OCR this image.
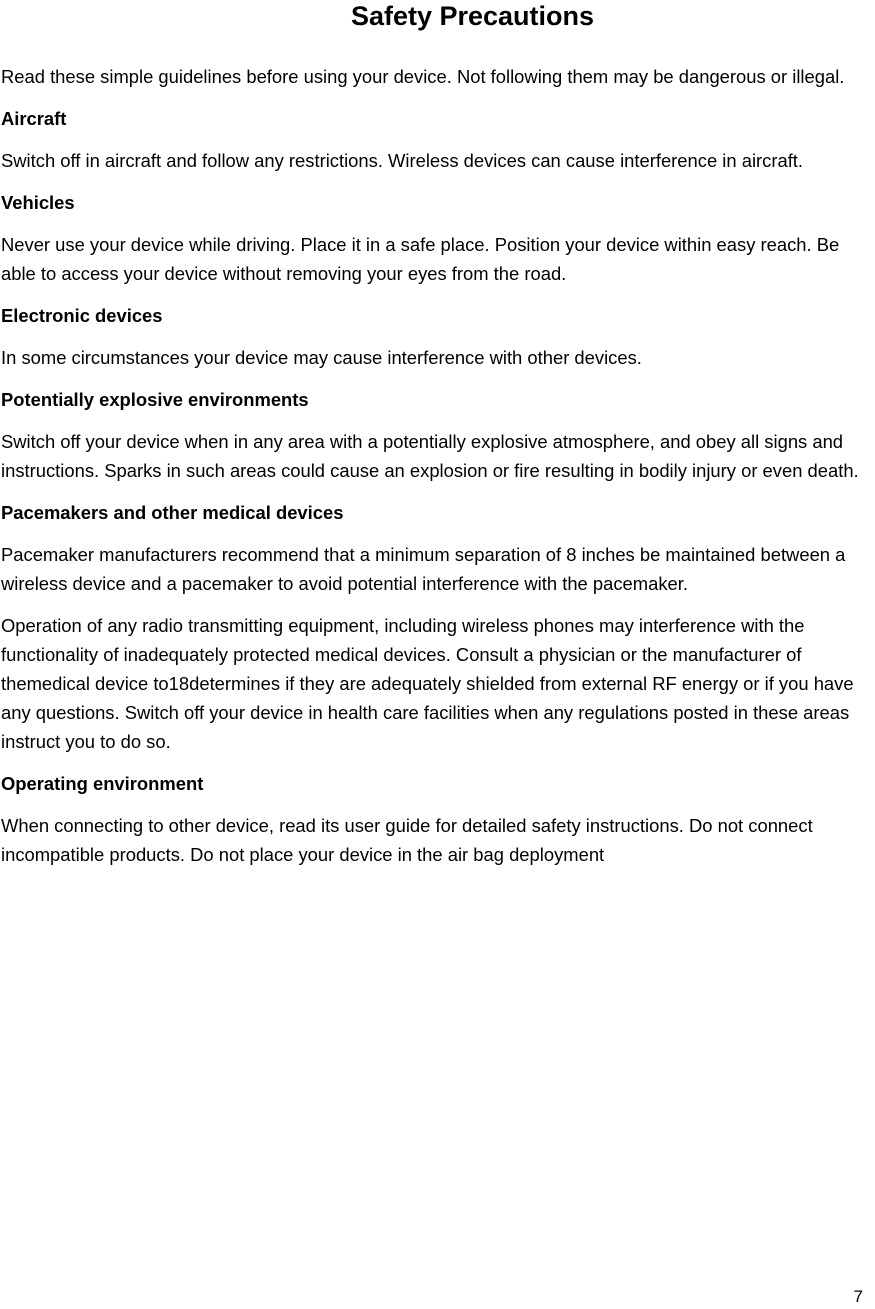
Safety Precautions

Read these simple guidelines before using your device. Not following them may be dangerous or illegal.

Aircraft

Switch off in aircraft and follow any restrictions. Wireless devices can cause interference in aircraft.

Vehicles

Never use your device while driving. Place it in a safe place. Position your device within easy reach. Be able to access your device without removing your eyes from the road.

Electronic devices

In some circumstances your device may cause interference with other devices.

Potentially explosive environments

Switch off your device when in any area with a potentially explosive atmosphere, and obey all signs and instructions. Sparks in such areas could cause an explosion or fire resulting in bodily injury or even death.

Pacemakers and other medical devices

Pacemaker manufacturers recommend that a minimum separation of 8 inches be maintained between a wireless device and a pacemaker to avoid potential interference with the pacemaker.

Operation of any radio transmitting equipment, including wireless phones may interference with the functionality of inadequately protected medical devices. Consult a physician or the manufacturer of themedical device to18determines if they are adequately shielded from external RF energy or if you have any questions. Switch off your device in health care facilities when any regulations posted in these areas instruct you to do so.

Operating environment

When connecting to other device, read its user guide for detailed safety instructions. Do not connect incompatible products. Do not place your device in the air bag deployment

7
